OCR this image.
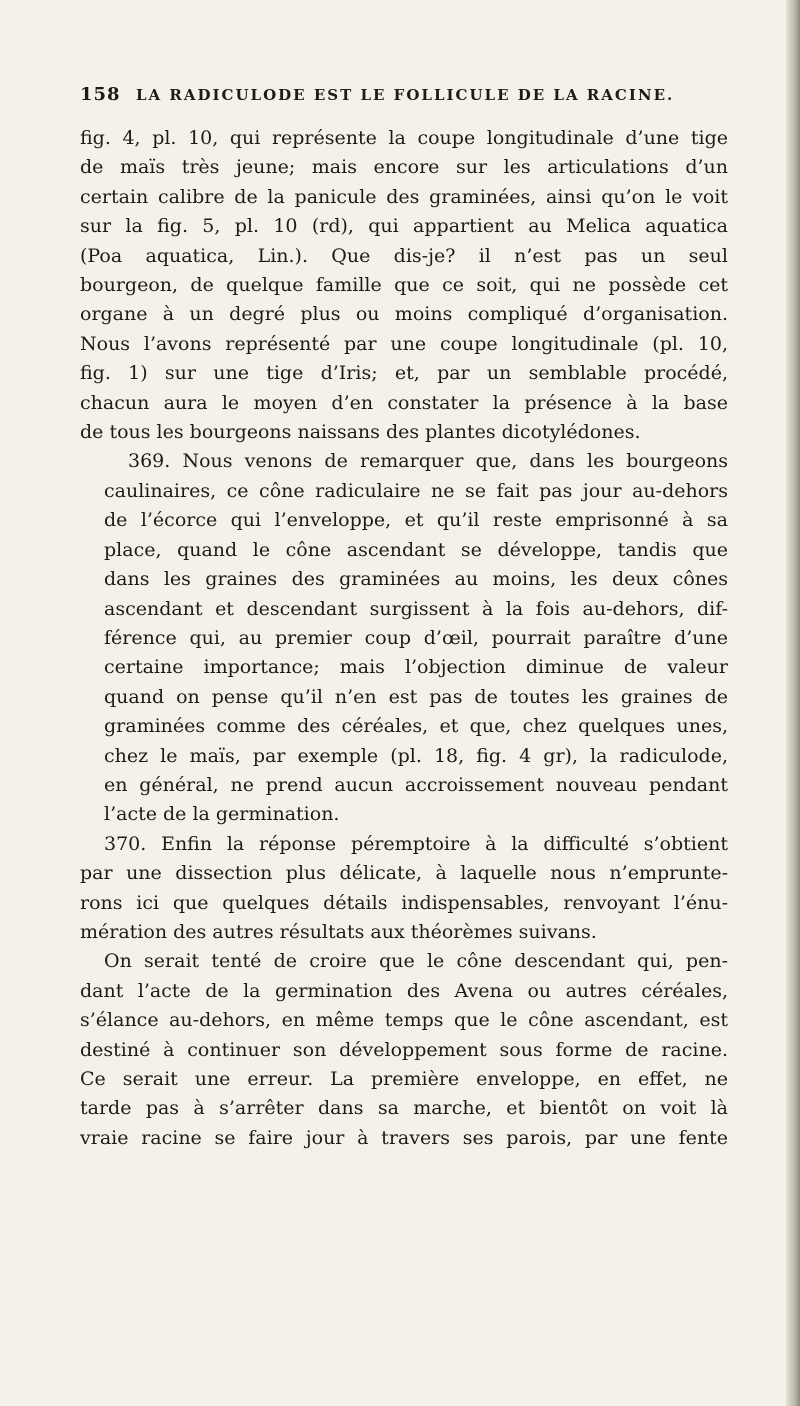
158 LA RADICULODE EST LE FOLLICULE DE LA RACINE.

fig. 4, pl. 10, qui représente la coupe longitudinale d’une tige
de maïs très jeune; mais encore sur les articulations d’un
certain calibre de la panicule des graminées, ainsi qu’on le voit
sur la fig. 5, pl. 10 (rd), qui appartient au Melica aquatica
(Poa aquatica, Lin.). Que dis-je? il n’est pas un seul
bourgeon, de quelque famille que ce soit, qui ne possède cet
organe à un degré plus ou moins compliqué d’organisation.
Nous l’avons représenté par une coupe longitudinale (pl. 10,
fig. 1) sur une tige d’Iris; et, par un semblable procédé,
chacun aura le moyen d’en constater la présence à la base
de tous les bourgeons naissans des plantes dicotylédones.

369. Nous venons de remarquer que, dans les bourgeons
caulinaires, ce cône radiculaire ne se fait pas jour au-dehors
de l’écorce qui l’enveloppe, et qu’il reste emprisonné à sa
place, quand le cône ascendant se développe, tandis que
dans les graines des graminées au moins, les deux cônes
ascendant et descendant surgissent à la fois au-dehors, dif-
férence qui, au premier coup d’œil, pourrait paraître d’une
certaine importance; mais l’objection diminue de valeur
quand on pense qu’il n’en est pas de toutes les graines de
graminées comme des céréales, et que, chez quelques unes,
chez le maïs, par exemple (pl. 18, fig. 4 gr), la radiculode,
en général, ne prend aucun accroissement nouveau pendant
l’acte de la germination.

370. Enfin la réponse péremptoire à la difficulté s’obtient
par une dissection plus délicate, à laquelle nous n’emprunte-
rons ici que quelques détails indispensables, renvoyant l’énu-
mération des autres résultats aux théorèmes suivans.

On serait tenté de croire que le cône descendant qui, pen-
dant l’acte de la germination des Avena ou autres céréales,
s’élance au-dehors, en même temps que le cône ascendant, est
destiné à continuer son développement sous forme de racine.
Ce serait une erreur. La première enveloppe, en effet, ne
tarde pas à s’arrêter dans sa marche, et bientôt on voit là
vraie racine se faire jour à travers ses parois, par une fente
